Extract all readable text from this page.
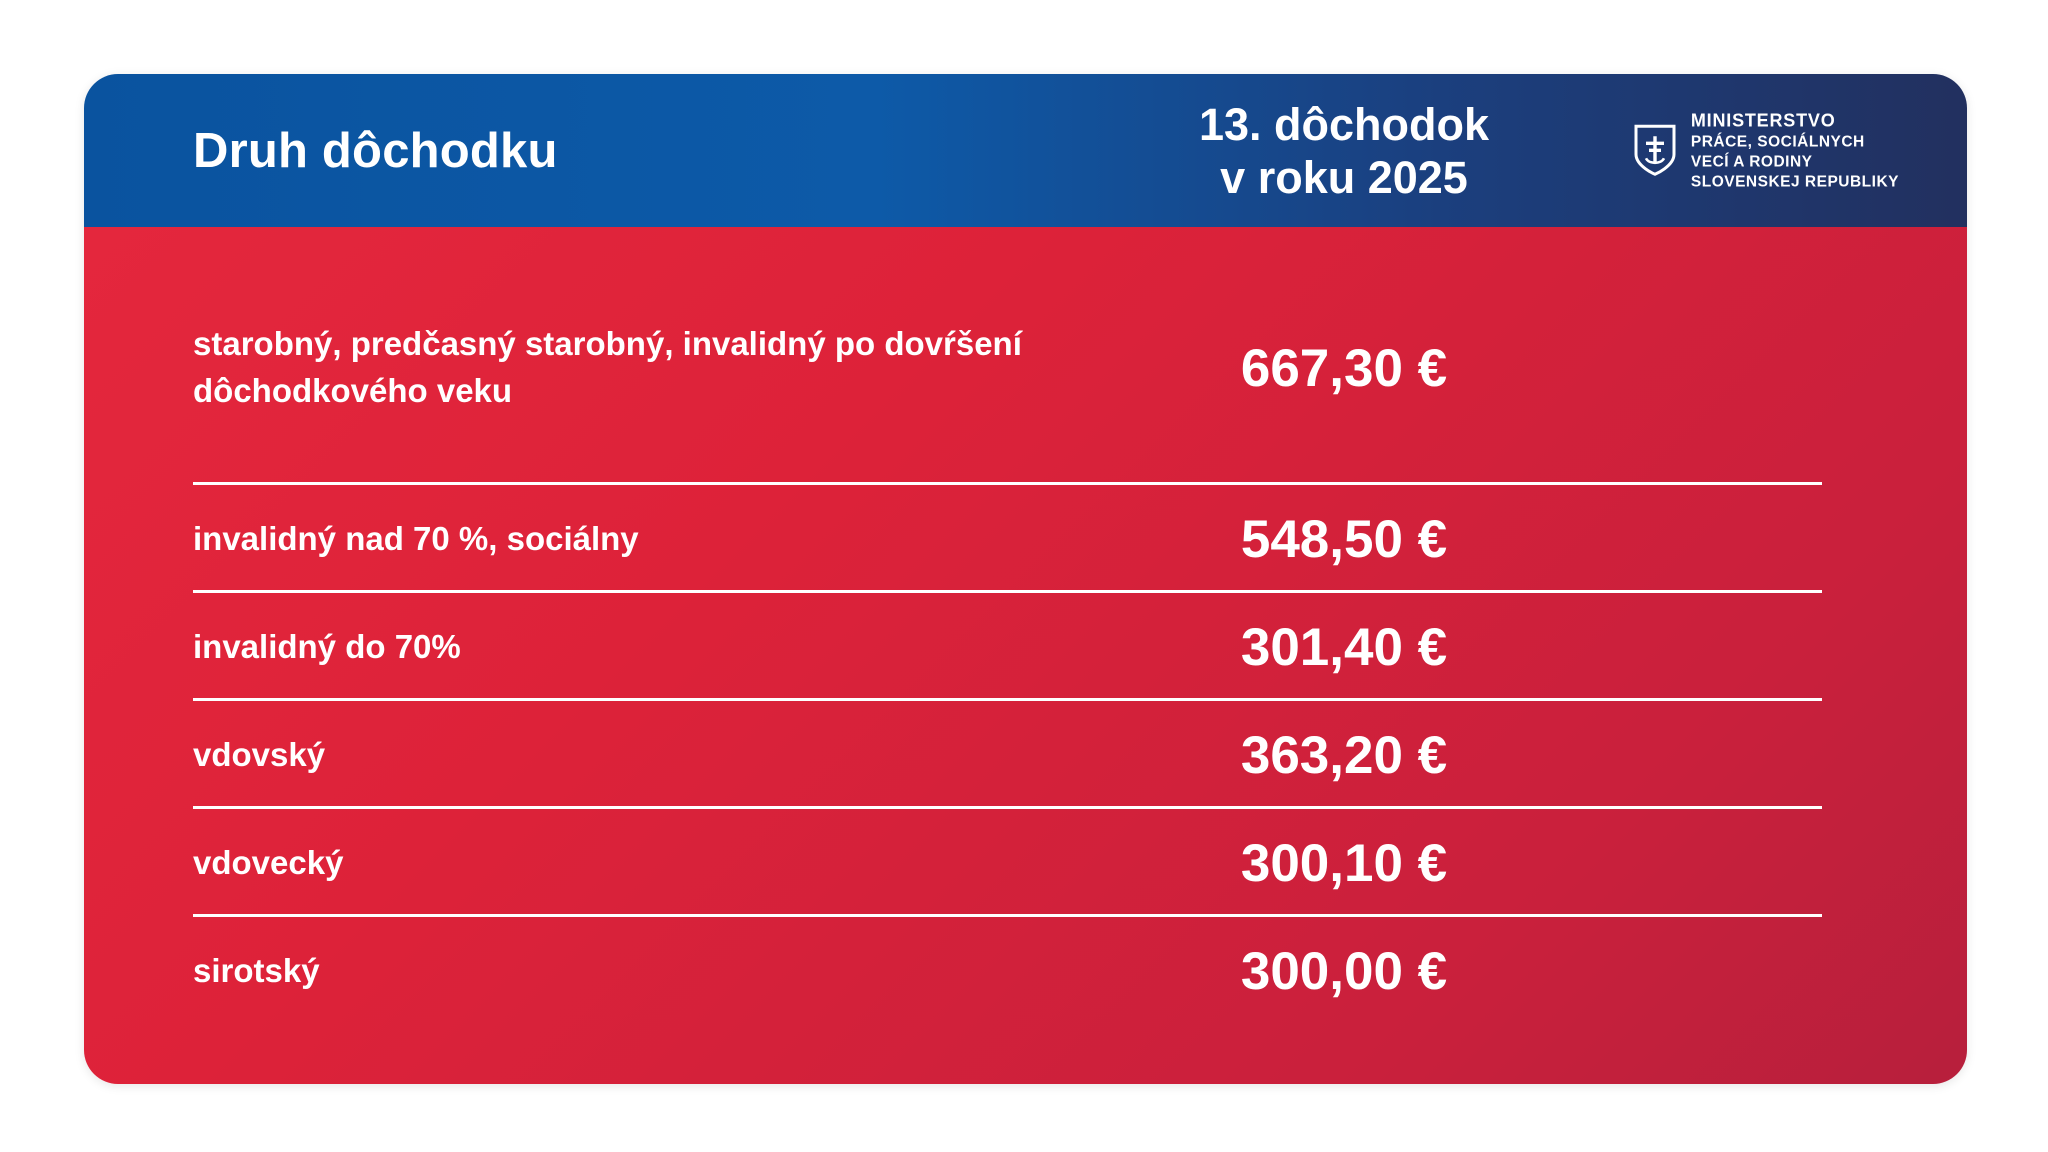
Druh dôchodku	13. dôchodok
v roku 2025
MINISTERSTVO
PRÁCE, SOCIÁLNYCH
VECÍ A RODINY
SLOVENSKEJ REPUBLIKY
starobný, predčasný starobný, invalidný po dovŕšení dôchodkového veku	667,30 €
invalidný nad 70 %, sociálny	548,50 €
invalidný do 70%	301,40 €
vdovský	363,20 €
vdovecký	300,10 €
sirotský	300,00 €
